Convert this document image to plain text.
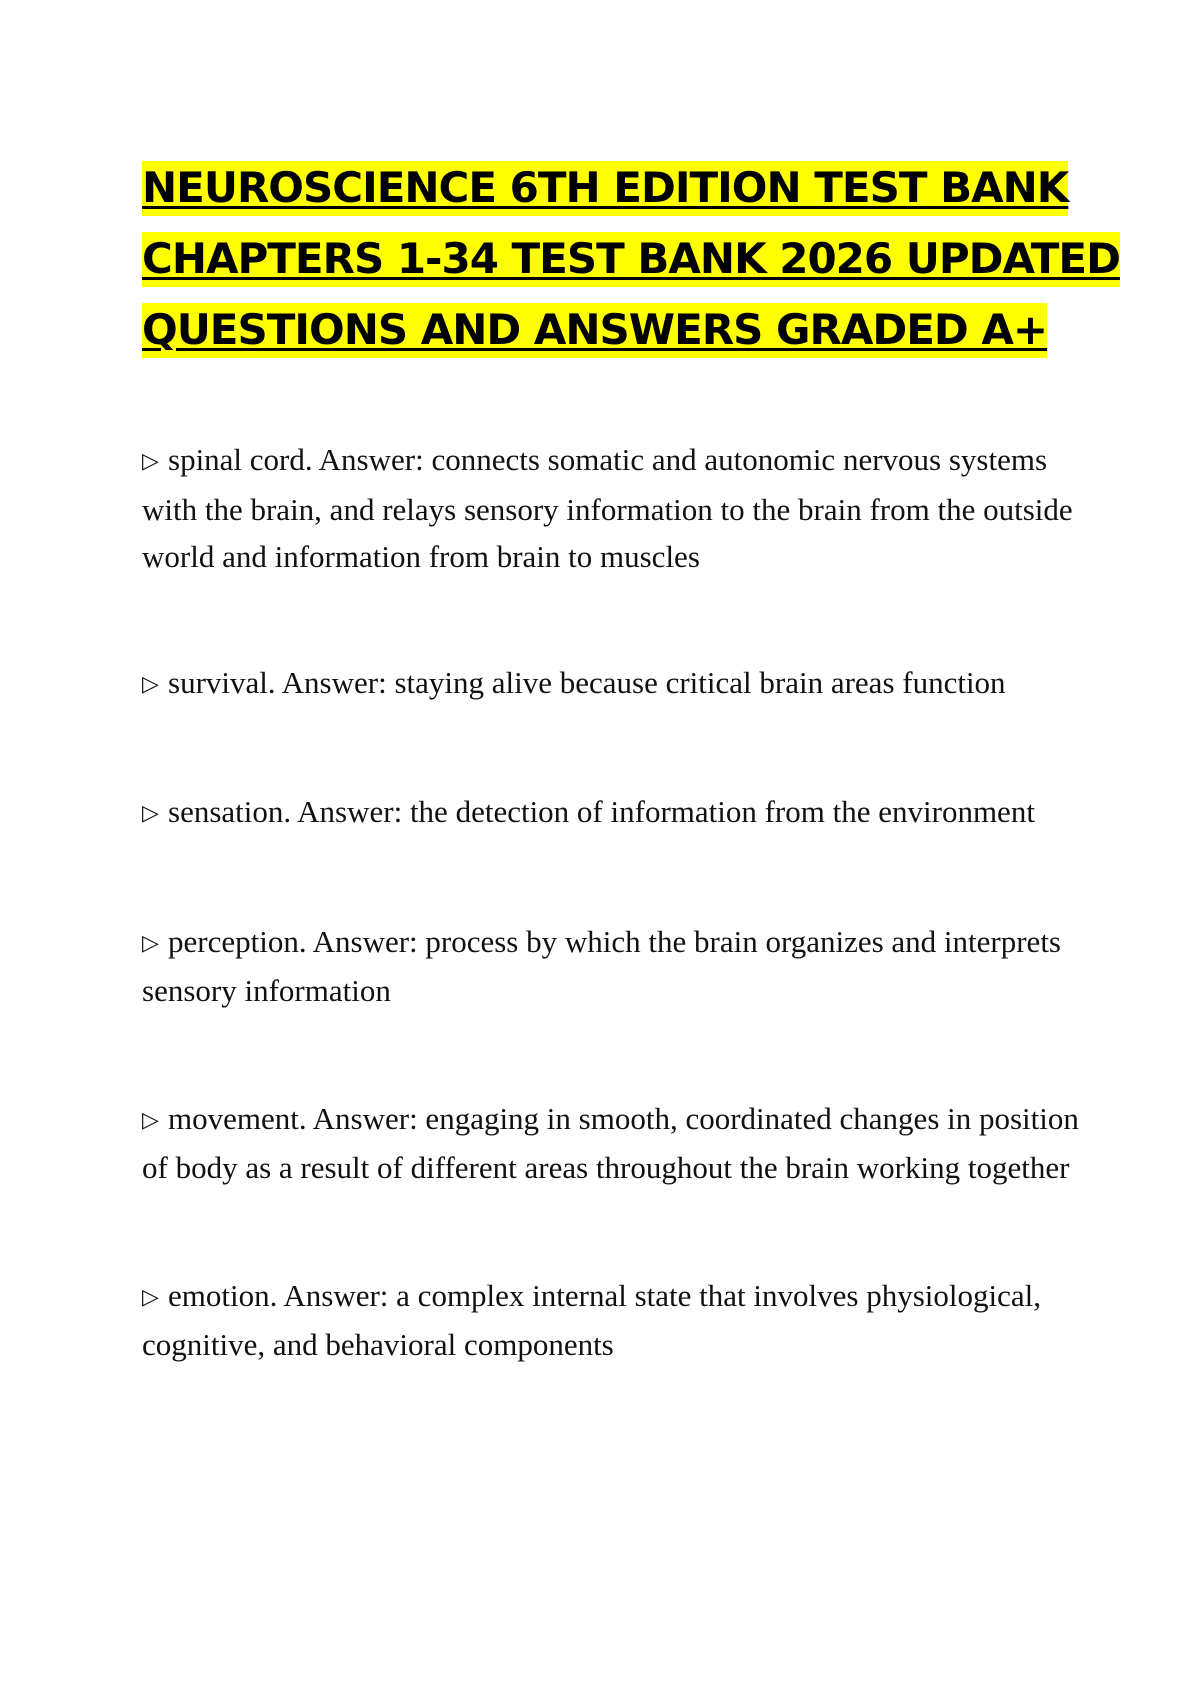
NEUROSCIENCE 6TH EDITION TEST BANK
CHAPTERS 1-34 TEST BANK 2026 UPDATED
QUESTIONS AND ANSWERS GRADED A+
▷ spinal cord. Answer: connects somatic and autonomic nervous systems with the brain, and relays sensory information to the brain from the outside world and information from brain to muscles
▷ survival. Answer: staying alive because critical brain areas function
▷ sensation. Answer: the detection of information from the environment
▷ perception. Answer: process by which the brain organizes and interprets sensory information
▷ movement. Answer: engaging in smooth, coordinated changes in position of body as a result of different areas throughout the brain working together
▷ emotion. Answer: a complex internal state that involves physiological, cognitive, and behavioral components
